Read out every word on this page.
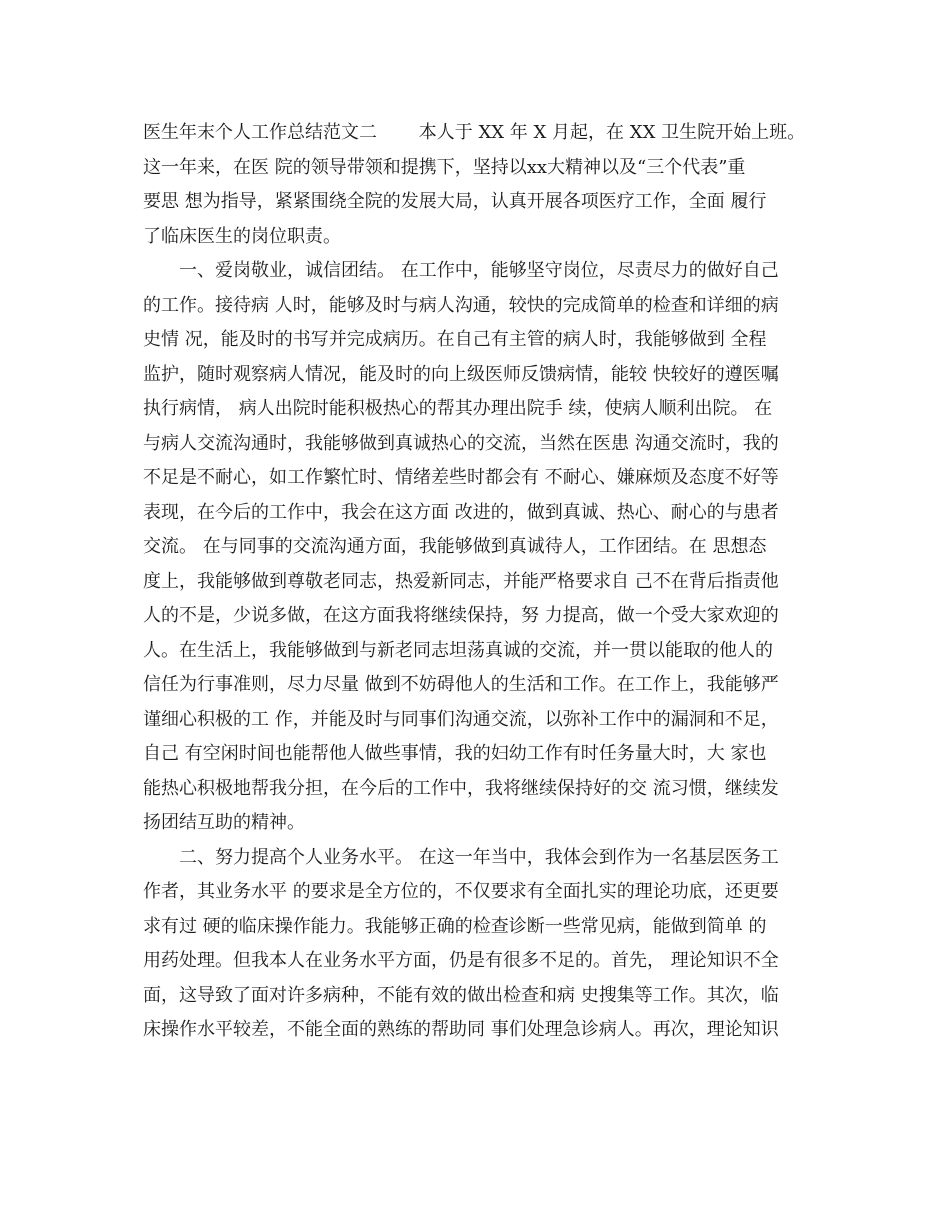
医生年末个人工作总结范文二　　 本人于 XX 年 X 月起，在 XX 卫生院开始上班。
这一年来，在医 院的领导带领和提携下，坚持以xx大精神以及“三个代表”重
要思 想为指导，紧紧围绕全院的发展大局，认真开展各项医疗工作，全面 履行
了临床医生的岗位职责。
　　一、爱岗敬业，诚信团结。 在工作中，能够坚守岗位，尽责尽力的做好自己
的工作。接待病 人时，能够及时与病人沟通，较快的完成简单的检查和详细的病
史情 况，能及时的书写并完成病历。在自己有主管的病人时，我能够做到 全程
监护，随时观察病人情况，能及时的向上级医师反馈病情，能较 快较好的遵医嘱
执行病情， 病人出院时能积极热心的帮其办理出院手 续，使病人顺利出院。 在
与病人交流沟通时，我能够做到真诚热心的交流，当然在医患 沟通交流时，我的
不足是不耐心，如工作繁忙时、情绪差些时都会有 不耐心、嫌麻烦及态度不好等
表现，在今后的工作中，我会在这方面 改进的，做到真诚、热心、耐心的与患者
交流。 在与同事的交流沟通方面，我能够做到真诚待人，工作团结。在 思想态
度上，我能够做到尊敬老同志，热爱新同志，并能严格要求自 己不在背后指责他
人的不是，少说多做，在这方面我将继续保持，努 力提高，做一个受大家欢迎的
人。在生活上，我能够做到与新老同志坦荡真诚的交流，并一贯以能取的他人的
信任为行事准则，尽力尽量 做到不妨碍他人的生活和工作。在工作上，我能够严
谨细心积极的工 作，并能及时与同事们沟通交流，以弥补工作中的漏洞和不足，
自己 有空闲时间也能帮他人做些事情，我的妇幼工作有时任务量大时，大 家也
能热心积极地帮我分担，在今后的工作中，我将继续保持好的交 流习惯，继续发
扬团结互助的精神。
　　二、努力提高个人业务水平。 在这一年当中，我体会到作为一名基层医务工
作者，其业务水平 的要求是全方位的，不仅要求有全面扎实的理论功底，还更要
求有过 硬的临床操作能力。我能够正确的检查诊断一些常见病，能做到简单 的
用药处理。但我本人在业务水平方面，仍是有很多不足的。首先， 理论知识不全
面，这导致了面对许多病种，不能有效的做出检查和病 史搜集等工作。其次，临
床操作水平较差，不能全面的熟练的帮助同 事们处理急诊病人。再次，理论知识
